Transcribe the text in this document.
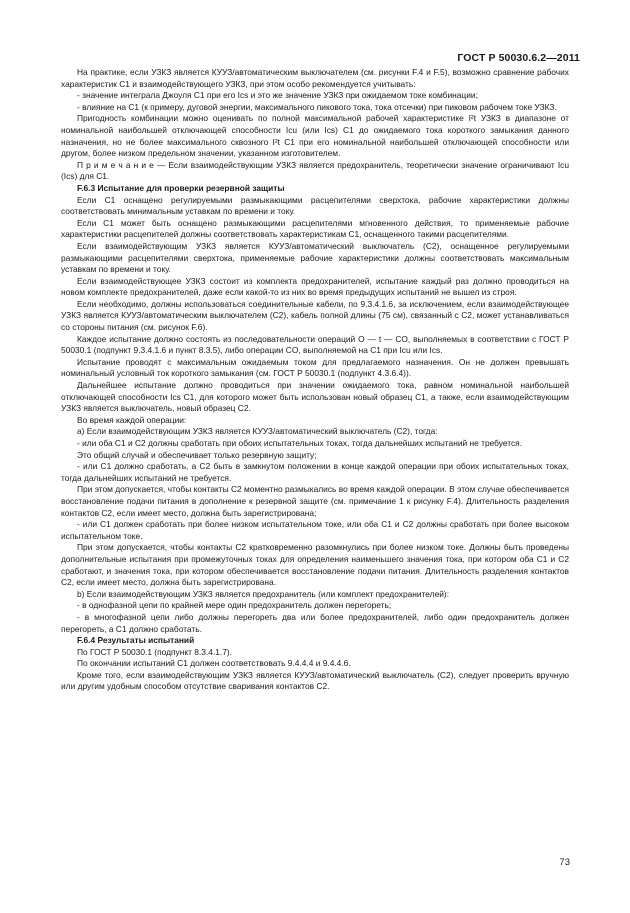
ГОСТ Р 50030.6.2—2011

На практике, если УЗКЗ является КУУЗ/автоматическим выключателем (см. рисунки F.4 и F.5), возможно сравнение рабочих характеристик C1 и взаимодействующего УЗКЗ, при этом особо рекомендуется учитывать:

- значение интеграла Джоуля C1 при его Ics и это же значение УЗКЗ при ожидаемом токе комбинации;

- влияние на C1 (к примеру, дуговой энергии, максимального пикового тока, тока отсечки) при пиковом рабочем токе УЗКЗ.

Пригодность комбинации можно оценивать по полной максимальной рабочей характеристике I²t УЗКЗ в диапазоне от номинальной наибольшей отключающей способности Icu (или Ics) C1 до ожидаемого тока короткого замыкания данного назначения, но не более максимального сквозного I²t C1 при его номинальной наибольшей отключающей способности или другом, более низком предельном значении, указанном изготовителем.

П р и м е ч а н и е — Если взаимодействующим УЗКЗ является предохранитель, теоретически значение ограничивают Icu (Ics) для C1.

F.6.3 Испытание для проверки резервной защиты

Если C1 оснащено регулируемыми размыкающими расцепителями сверхтока, рабочие характеристики должны соответствовать минимальным уставкам по времени и току.

Если C1 может быть оснащено размыкающими расцепителями мгновенного действия, то применяемые рабочие характеристики расцепителей должны соответствовать характеристикам C1, оснащенного такими расцепителями.

Если взаимодействующим УЗКЗ является КУУЗ/автоматический выключатель (C2), оснащенное регулируемыми размыкающими расцепителями сверхтока, применяемые рабочие характеристики должны соответствовать максимальным уставкам по времени и току.

Если взаимодействующее УЗКЗ состоит из комплекта предохранителей, испытание каждый раз должно проводиться на новом комплекте предохранителей, даже если какой-то из них во время предыдущих испытаний не вышел из строя.

Если необходимо, должны использоваться соединительные кабели, по 9.3.4.1.6, за исключением, если взаимодействующее УЗКЗ является КУУЗ/автоматическим выключателем (C2), кабель полной длины (75 см), связанный с C2, может устанавливаться со стороны питания (см. рисунок F.6).

Каждое испытание должно состоять из последовательности операций O — t — CO, выполняемых в соответствии с ГОСТ Р 50030.1 (подпункт 9.3.4.1.6 и пункт 8.3.5), либо операции CO, выполняемой на C1 при Icu или Ics.

Испытание проводят с максимальным ожидаемым током для предлагаемого назначения. Он не должен превышать номинальный условный ток короткого замыкания (см. ГОСТ Р 50030.1 (подпункт 4.3.6.4)).

Дальнейшее испытание должно проводиться при значении ожидаемого тока, равном номинальной наибольшей отключающей способности Ics C1, для которого может быть использован новый образец C1, а также, если взаимодействующим УЗКЗ является выключатель, новый образец C2.

Во время каждой операции:

а) Если взаимодействующим УЗКЗ является КУУЗ/автоматический выключатель (C2), тогда:

- или оба C1 и C2 должны сработать при обоих испытательных токах, тогда дальнейших испытаний не требуется.

Это общий случай и обеспечивает только резервную защиту;

- или C1 должно сработать, а C2 быть в замкнутом положении в конце каждой операции при обоих испытательных токах, тогда дальнейших испытаний не требуется.

При этом допускается, чтобы контакты C2 моментно размыкались во время каждой операции. В этом случае обеспечивается восстановление подачи питания в дополнение к резервной защите (см. примечание 1 к рисунку F.4). Длительность разделения контактов C2, если имеет место, должна быть зарегистрирована;

- или C1 должен сработать при более низком испытательном токе, или оба C1 и C2 должны сработать при более высоком испытательном токе.

При этом допускается, чтобы контакты C2 кратковременно разомкнулись при более низком токе. Должны быть проведены дополнительные испытания при промежуточных токах для определения наименьшего значения тока, при котором оба C1 и C2 сработают, и значения тока, при котором обеспечивается восстановление подачи питания. Длительность разделения контактов C2, если имеет место, должна быть зарегистрирована.

b) Если взаимодействующим УЗКЗ является предохранитель (или комплект предохранителей):

- в однофазной цепи по крайней мере один предохранитель должен перегореть;

- в многофазной цепи либо должны перегореть два или более предохранителей, либо один предохранитель должен перегореть, а C1 должно сработать.

F.6.4 Результаты испытаний

По ГОСТ Р 50030.1 (подпункт 8.3.4.1.7).

По окончании испытаний C1 должен соответствовать 9.4.4.4 и 9.4.4.6.

Кроме того, если взаимодействующим УЗКЗ является КУУЗ/автоматический выключатель (C2), следует проверить вручную или другим удобным способом отсутствие сваривания контактов C2.

73
